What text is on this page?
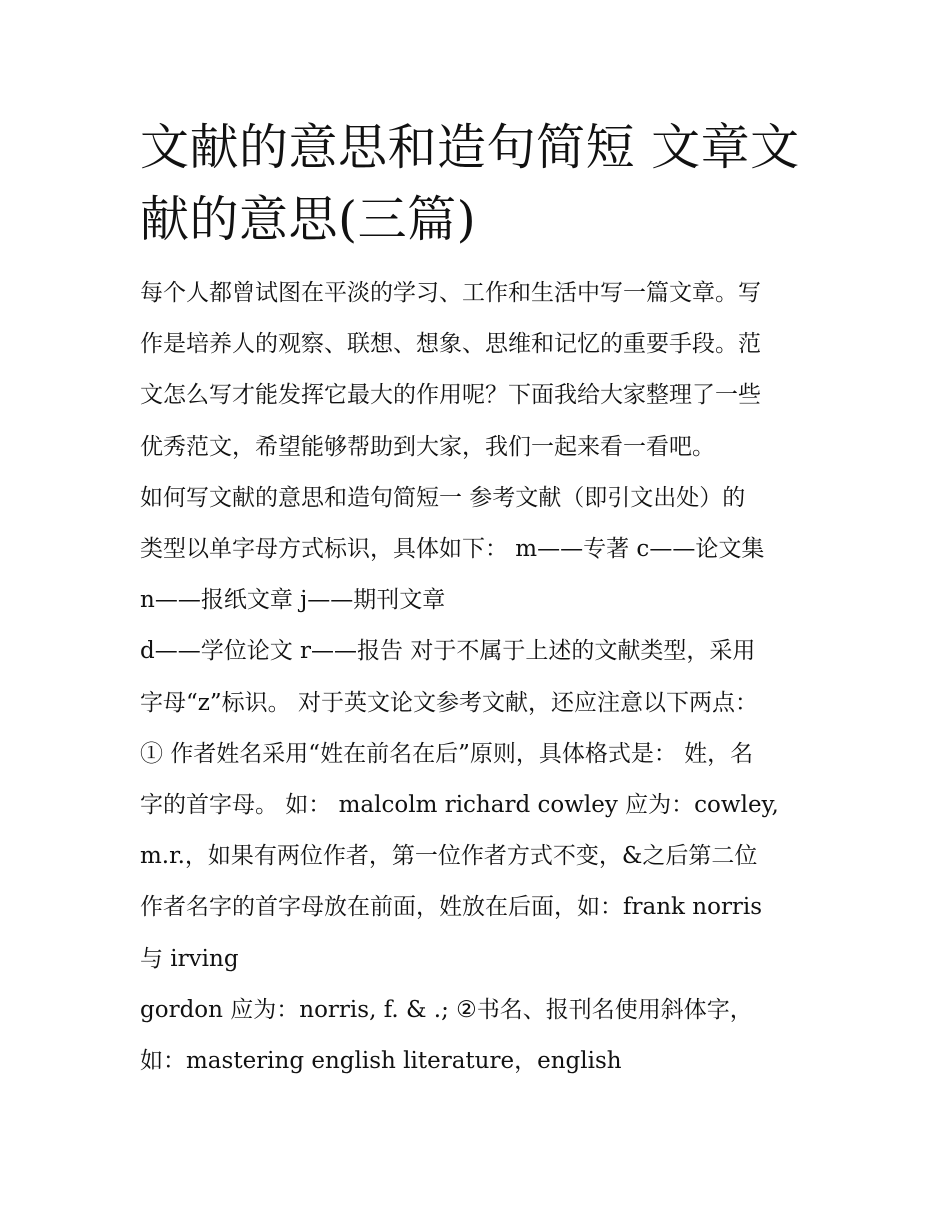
文献的意思和造句简短 文章文
献的意思(三篇)
每个人都曾试图在平淡的学习、工作和生活中写一篇文章。写
作是培养人的观察、联想、想象、思维和记忆的重要手段。范
文怎么写才能发挥它最大的作用呢？下面我给大家整理了一些
优秀范文，希望能够帮助到大家，我们一起来看一看吧。
如何写文献的意思和造句简短一 参考文献（即引文出处）的
类型以单字母方式标识，具体如下： m——专著 c——论文集
n——报纸文章 j——期刊文章
d——学位论文 r——报告 对于不属于上述的文献类型，采用
字母“z”标识。 对于英文论文参考文献，还应注意以下两点：
① 作者姓名采用“姓在前名在后”原则，具体格式是： 姓，名
字的首字母。 如： malcolm richard cowley 应为：cowley,
m.r.，如果有两位作者，第一位作者方式不变，&之后第二位
作者名字的首字母放在前面，姓放在后面，如：frank norris
与 irving
gordon 应为：norris, f. & .; ②书名、报刊名使用斜体字，
如：mastering english literature，english
